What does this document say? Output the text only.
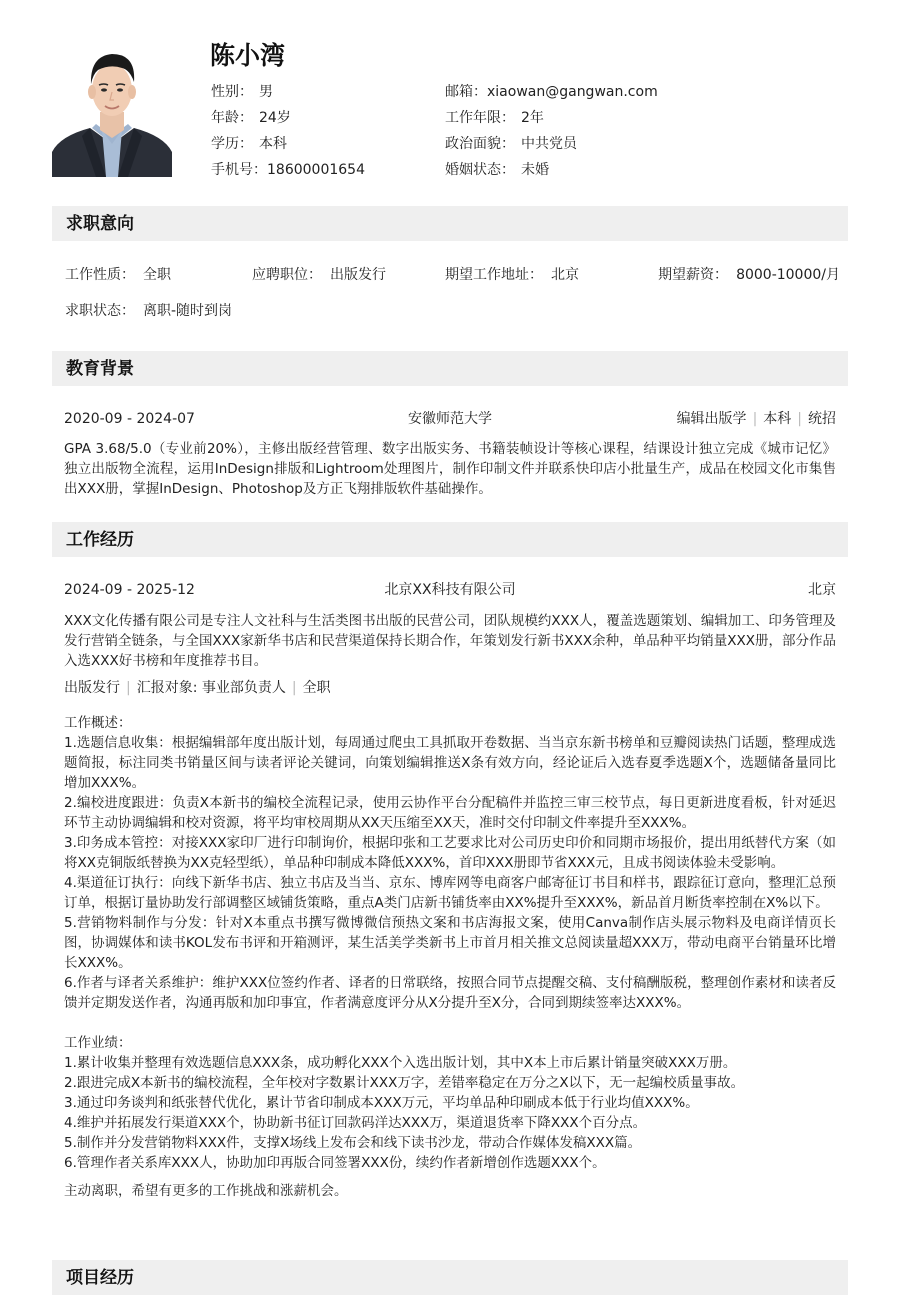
陈小湾
性别： 男	邮箱：xiaowan@gangwan.com
年龄： 24岁	工作年限： 2年
学历： 本科	政治面貌： 中共党员
手机号：18600001654	婚姻状态： 未婚
求职意向
工作性质： 全职	应聘职位： 出版发行	期望工作地址： 北京	期望薪资： 8000-10000/月
求职状态： 离职-随时到岗
教育背景
2020-09 - 2024-07	安徽师范大学	编辑出版学 | 本科 | 统招

GPA 3.68/5.0（专业前20%），主修出版经营管理、数字出版实务、书籍装帧设计等核心课程，结课设计独立完成《城市记忆》独立出版物全流程，运用InDesign排版和Lightroom处理图片，制作印制文件并联系快印店小批量生产，成品在校园文化市集售出XXX册，掌握InDesign、Photoshop及方正飞翔排版软件基础操作。

工作经历
2024-09 - 2025-12	北京XX科技有限公司	北京

XXX文化传播有限公司是专注人文社科与生活类图书出版的民营公司，团队规模约XXX人，覆盖选题策划、编辑加工、印务管理及发行营销全链条，与全国XXX家新华书店和民营渠道保持长期合作，年策划发行新书XXX余种，单品种平均销量XXX册，部分作品入选XXX好书榜和年度推荐书目。

出版发行 | 汇报对象: 事业部负责人 | 全职

工作概述：

1.选题信息收集：根据编辑部年度出版计划，每周通过爬虫工具抓取开卷数据、当当京东新书榜单和豆瓣阅读热门话题，整理成选题简报，标注同类书销量区间与读者评论关键词，向策划编辑推送X条有效方向，经论证后入选春夏季选题X个，选题储备量同比增加XXX%。

2.编校进度跟进：负责X本新书的编校全流程记录，使用云协作平台分配稿件并监控三审三校节点，每日更新进度看板，针对延迟环节主动协调编辑和校对资源，将平均审校周期从XX天压缩至XX天，准时交付印制文件率提升至XXX%。

3.印务成本管控：对接XXX家印厂进行印制询价，根据印张和工艺要求比对公司历史印价和同期市场报价，提出用纸替代方案（如将XX克铜版纸替换为XX克轻型纸），单品种印制成本降低XXX%，首印XXX册即节省XXX元，且成书阅读体验未受影响。

4.渠道征订执行：向线下新华书店、独立书店及当当、京东、博库网等电商客户邮寄征订书目和样书，跟踪征订意向，整理汇总预订单，根据订量协助发行部调整区域铺货策略，重点A类门店新书铺货率由XX%提升至XXX%，新品首月断货率控制在X%以下。

5.营销物料制作与分发：针对X本重点书撰写微博微信预热文案和书店海报文案，使用Canva制作店头展示物料及电商详情页长图，协调媒体和读书KOL发布书评和开箱测评，某生活美学类新书上市首月相关推文总阅读量超XXX万，带动电商平台销量环比增长XXX%。

6.作者与译者关系维护：维护XXX位签约作者、译者的日常联络，按照合同节点提醒交稿、支付稿酬版税，整理创作素材和读者反馈并定期发送作者，沟通再版和加印事宜，作者满意度评分从X分提升至X分，合同到期续签率达XXX%。

工作业绩：

1.累计收集并整理有效选题信息XXX条，成功孵化XXX个入选出版计划，其中X本上市后累计销量突破XXX万册。

2.跟进完成X本新书的编校流程，全年校对字数累计XXX万字，差错率稳定在万分之X以下，无一起编校质量事故。

3.通过印务谈判和纸张替代优化，累计节省印制成本XXX万元，平均单品种印刷成本低于行业均值XXX%。

4.维护并拓展发行渠道XXX个，协助新书征订回款码洋达XXX万，渠道退货率下降XXX个百分点。

5.制作并分发营销物料XXX件，支撑X场线上发布会和线下读书沙龙，带动合作媒体发稿XXX篇。

6.管理作者关系库XXX人，协助加印再版合同签署XXX份，续约作者新增创作选题XXX个。

主动离职，希望有更多的工作挑战和涨薪机会。

项目经历
